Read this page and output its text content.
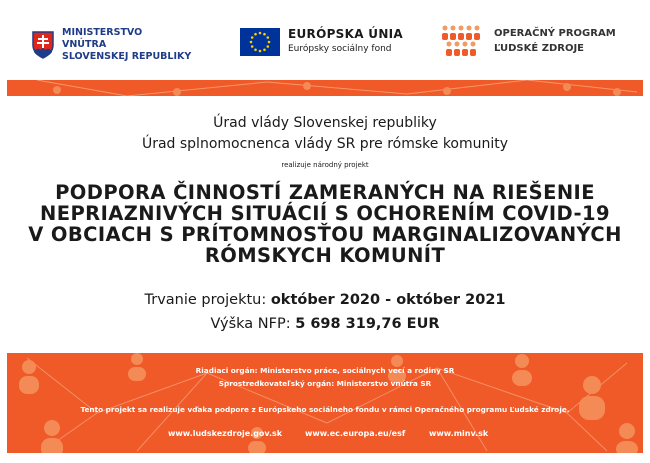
MINISTERSTVO
VNÚTRA
SLOVENSKEJ REPUBLIKY
EURÓPSKA ÚNIA
Európsky sociálny fond
OPERAČNÝ PROGRAM
ĽUDSKÉ ZDROJE
Úrad vlády Slovenskej republiky
Úrad splnomocnenca vlády SR pre rómske komunity
realizuje národný projekt
PODPORA ČINNOSTÍ ZAMERANÝCH NA RIEŠENIE
NEPRIAZNIVÝCH SITUÁCIÍ S OCHORENÍM COVID-19
V OBCIACH S PRÍTOMNOSŤOU MARGINALIZOVANÝCH
RÓMSKYCH KOMUNÍT
Trvanie projektu: október 2020 - október 2021
Výška NFP: 5 698 319,76 EUR
Riadiaci orgán: Ministerstvo práce, sociálnych vecí a rodiny SR
Sprostredkovateľský orgán: Ministerstvo vnútra SR
Tento projekt sa realizuje vďaka podpore z Európskeho sociálneho fondu v rámci Operačného programu Ľudské zdroje.
www.ludskezdroje.gov.sk	www.ec.europa.eu/esf	www.minv.sk
